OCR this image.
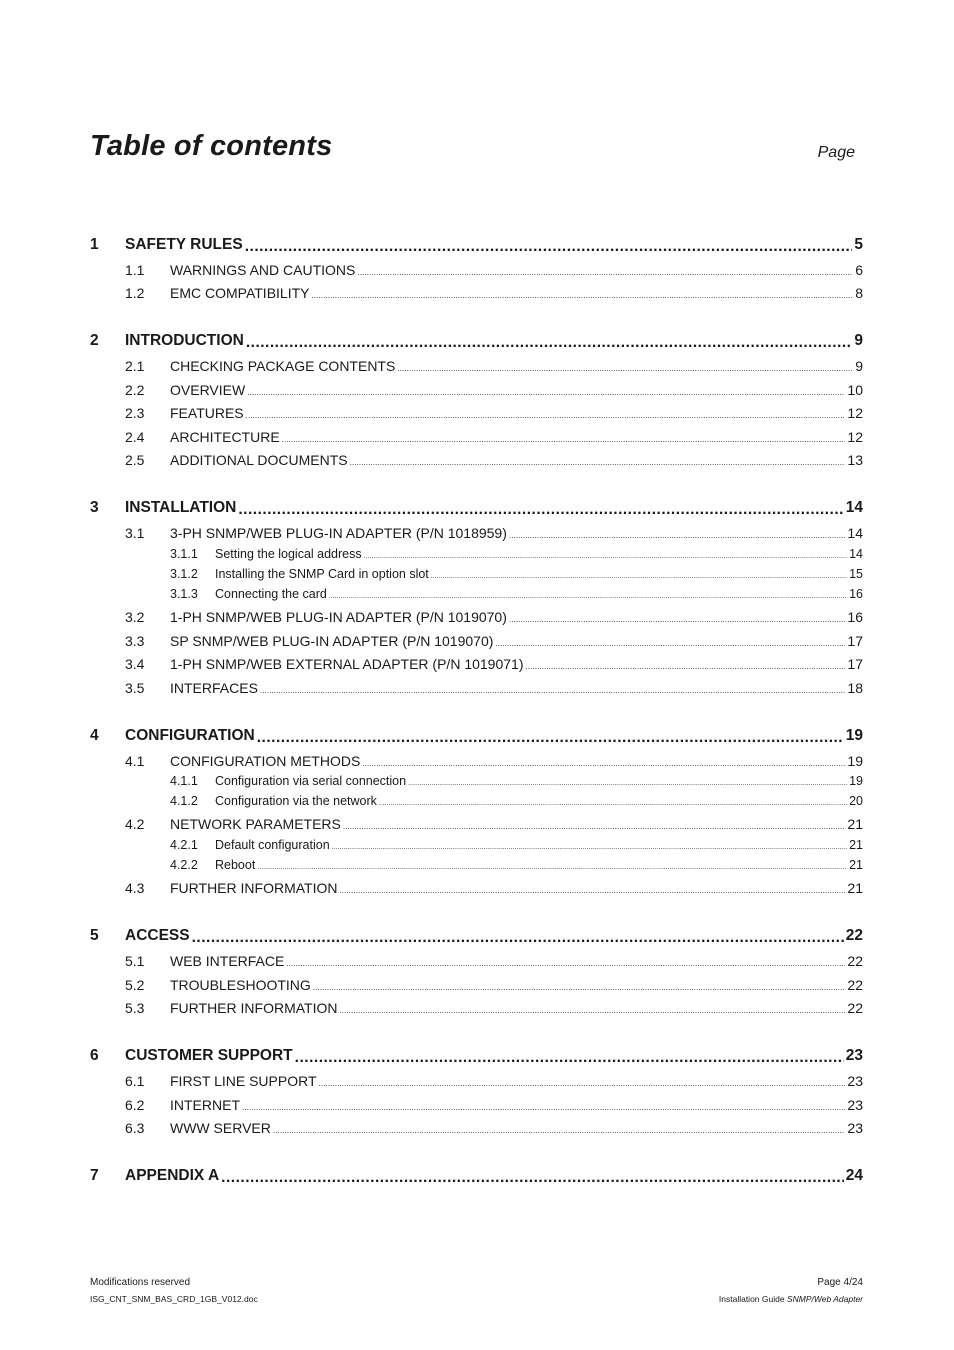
Table of contents	Page
1	SAFETY RULES .....	5
1.1	WARNINGS AND CAUTIONS .....	6
1.2	EMC COMPATIBILITY .....	8
2	INTRODUCTION .....	9
2.1	CHECKING PACKAGE CONTENTS .....	9
2.2	OVERVIEW .....	10
2.3	FEATURES .....	12
2.4	ARCHITECTURE .....	12
2.5	ADDITIONAL DOCUMENTS .....	13
3	INSTALLATION .....	14
3.1	3-PH SNMP/WEB PLUG-IN ADAPTER (P/N 1018959) .....	14
3.1.1	Setting the logical address .....	14
3.1.2	Installing the SNMP Card in option slot .....	15
3.1.3	Connecting the card .....	16
3.2	1-PH SNMP/WEB PLUG-IN ADAPTER (P/N 1019070) .....	16
3.3	SP SNMP/WEB PLUG-IN ADAPTER (P/N 1019070) .....	17
3.4	1-PH SNMP/WEB EXTERNAL ADAPTER (P/N 1019071) .....	17
3.5	INTERFACES .....	18
4	CONFIGURATION .....	19
4.1	CONFIGURATION METHODS .....	19
4.1.1	Configuration via serial connection .....	19
4.1.2	Configuration via the network .....	20
4.2	NETWORK PARAMETERS .....	21
4.2.1	Default configuration .....	21
4.2.2	Reboot .....	21
4.3	FURTHER INFORMATION .....	21
5	ACCESS .....	22
5.1	WEB INTERFACE .....	22
5.2	TROUBLESHOOTING .....	22
5.3	FURTHER INFORMATION .....	22
6	CUSTOMER SUPPORT .....	23
6.1	FIRST LINE SUPPORT .....	23
6.2	INTERNET .....	23
6.3	WWW SERVER .....	23
7	APPENDIX A .....	24
Modifications reserved
ISG_CNT_SNM_BAS_CRD_1GB_V012.doc
Page 4/24
Installation Guide SNMP/Web Adapter
